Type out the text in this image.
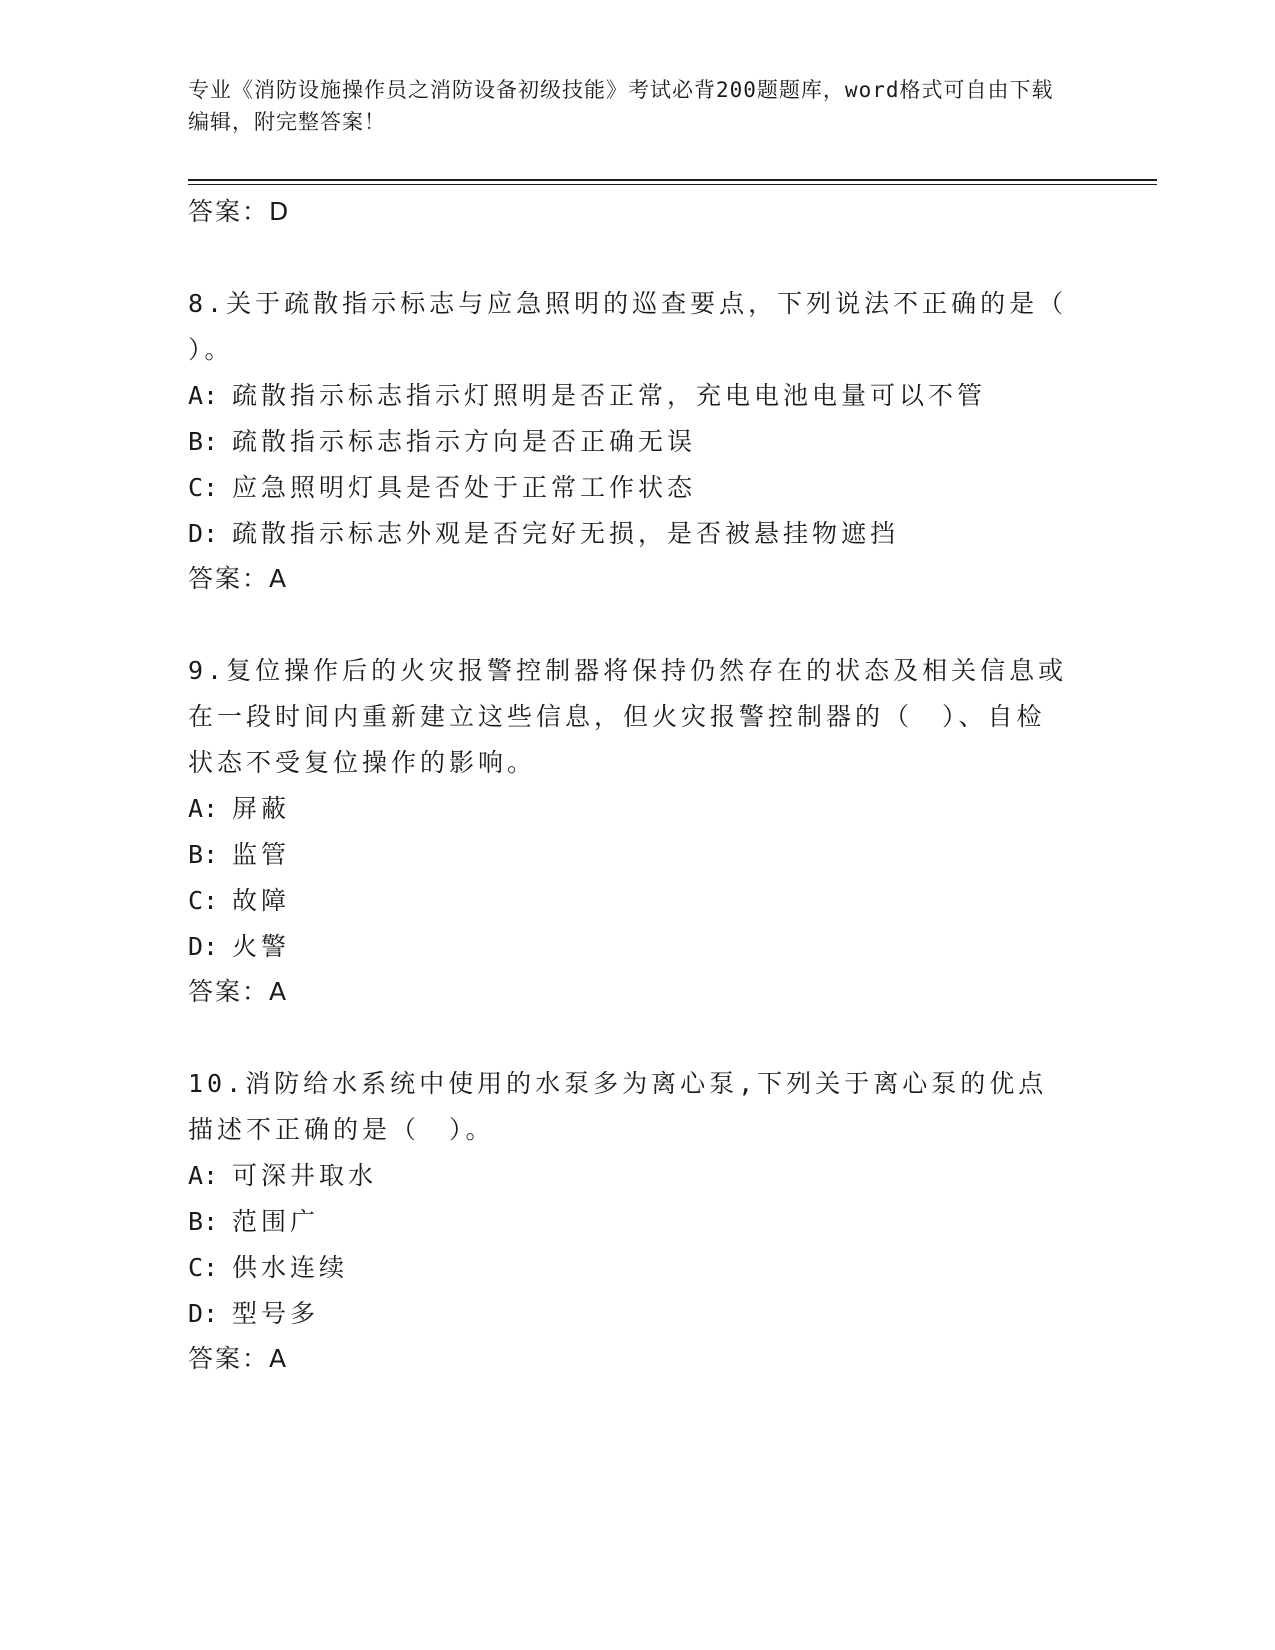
专业《消防设施操作员之消防设备初级技能》考试必背200题题库，word格式可自由下载编辑，附完整答案！
答案：D

8.关于疏散指示标志与应急照明的巡查要点，下列说法不正确的是（ ）。

A: 疏散指示标志指示灯照明是否正常，充电电池电量可以不管
B: 疏散指示标志指示方向是否正确无误
C: 应急照明灯具是否处于正常工作状态
D: 疏散指示标志外观是否完好无损，是否被悬挂物遮挡
答案：A

9.复位操作后的火灾报警控制器将保持仍然存在的状态及相关信息或在一段时间内重新建立这些信息，但火灾报警控制器的（　）、自检状态不受复位操作的影响。

A: 屏蔽
B: 监管
C: 故障
D: 火警
答案：A

10.消防给水系统中使用的水泵多为离心泵,下列关于离心泵的优点描述不正确的是（　）。

A: 可深井取水
B: 范围广
C: 供水连续
D: 型号多
答案：A
